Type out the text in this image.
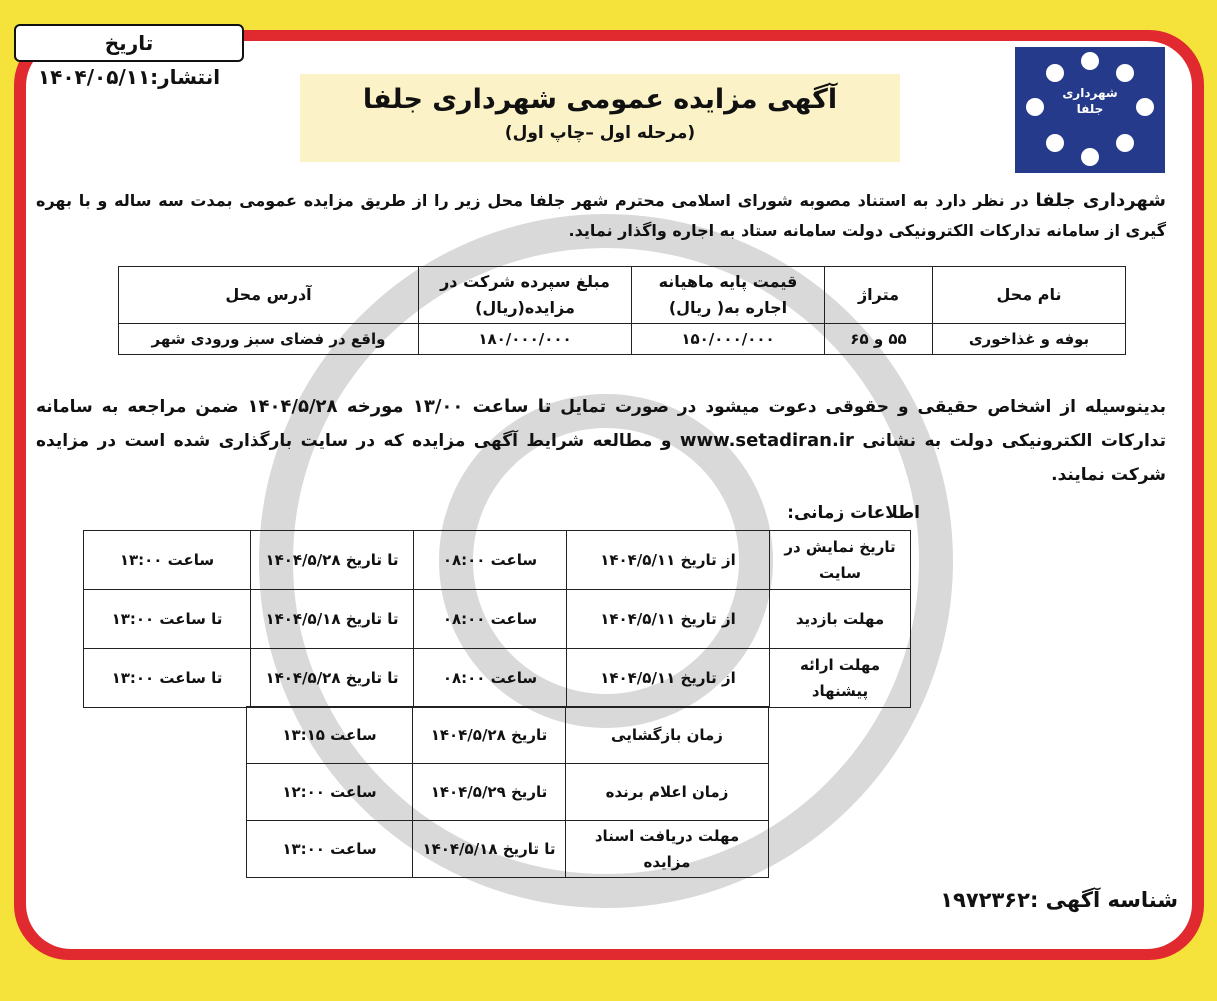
تاریخ انتشار:۱۴۰۴/۰۵/۱۱
شهرداری
جلفا
آگهی مزایده عمومی شهرداری جلفا
(مرحله اول –چاپ اول)
شهرداری جلفا در نظر دارد به استناد مصوبه شورای اسلامی محترم شهر جلفا محل زیر را از طریق مزایده عمومی بمدت سه ساله و با بهره گیری از سامانه تدارکات الکترونیکی دولت سامانه ستاد به اجاره واگذار نماید.
نام محل	متراژ	قیمت پایه ماهیانه اجاره به( ریال)	مبلغ سپرده شرکت در مزایده(ریال)	آدرس محل
بوفه و غذاخوری	۵۵ و ۶۵	۱۵۰/۰۰۰/۰۰۰	۱۸۰/۰۰۰/۰۰۰	واقع در فضای سبز ورودی شهر
بدینوسیله از اشخاص حقیقی و حقوقی دعوت میشود در صورت تمایل تا ساعت ۱۳/۰۰ مورخه ۱۴۰۴/۵/۲۸ ضمن مراجعه به سامانه تدارکات الکترونیکی دولت به نشانی www.setadiran.ir و مطالعه شرایط آگهی مزایده که در سایت بارگذاری شده است در مزایده شرکت نمایند.
اطلاعات زمانی:
تاریخ نمایش در سایت	از تاریخ ۱۴۰۴/۵/۱۱	ساعت ۰۸:۰۰	تا تاریخ ۱۴۰۴/۵/۲۸	ساعت ۱۳:۰۰
مهلت بازدید	از تاریخ ۱۴۰۴/۵/۱۱	ساعت ۰۸:۰۰	تا تاریخ ۱۴۰۴/۵/۱۸	تا ساعت ۱۳:۰۰
مهلت ارائه پیشنهاد	از تاریخ ۱۴۰۴/۵/۱۱	ساعت ۰۸:۰۰	تا تاریخ ۱۴۰۴/۵/۲۸	تا ساعت ۱۳:۰۰
زمان بازگشایی	تاریخ ۱۴۰۴/۵/۲۸	ساعت ۱۳:۱۵
زمان اعلام برنده	تاریخ ۱۴۰۴/۵/۲۹	ساعت ۱۲:۰۰
مهلت دریافت اسناد مزایده	تا تاریخ ۱۴۰۴/۵/۱۸	ساعت ۱۳:۰۰
شناسه آگهی :۱۹۷۲۳۶۲
